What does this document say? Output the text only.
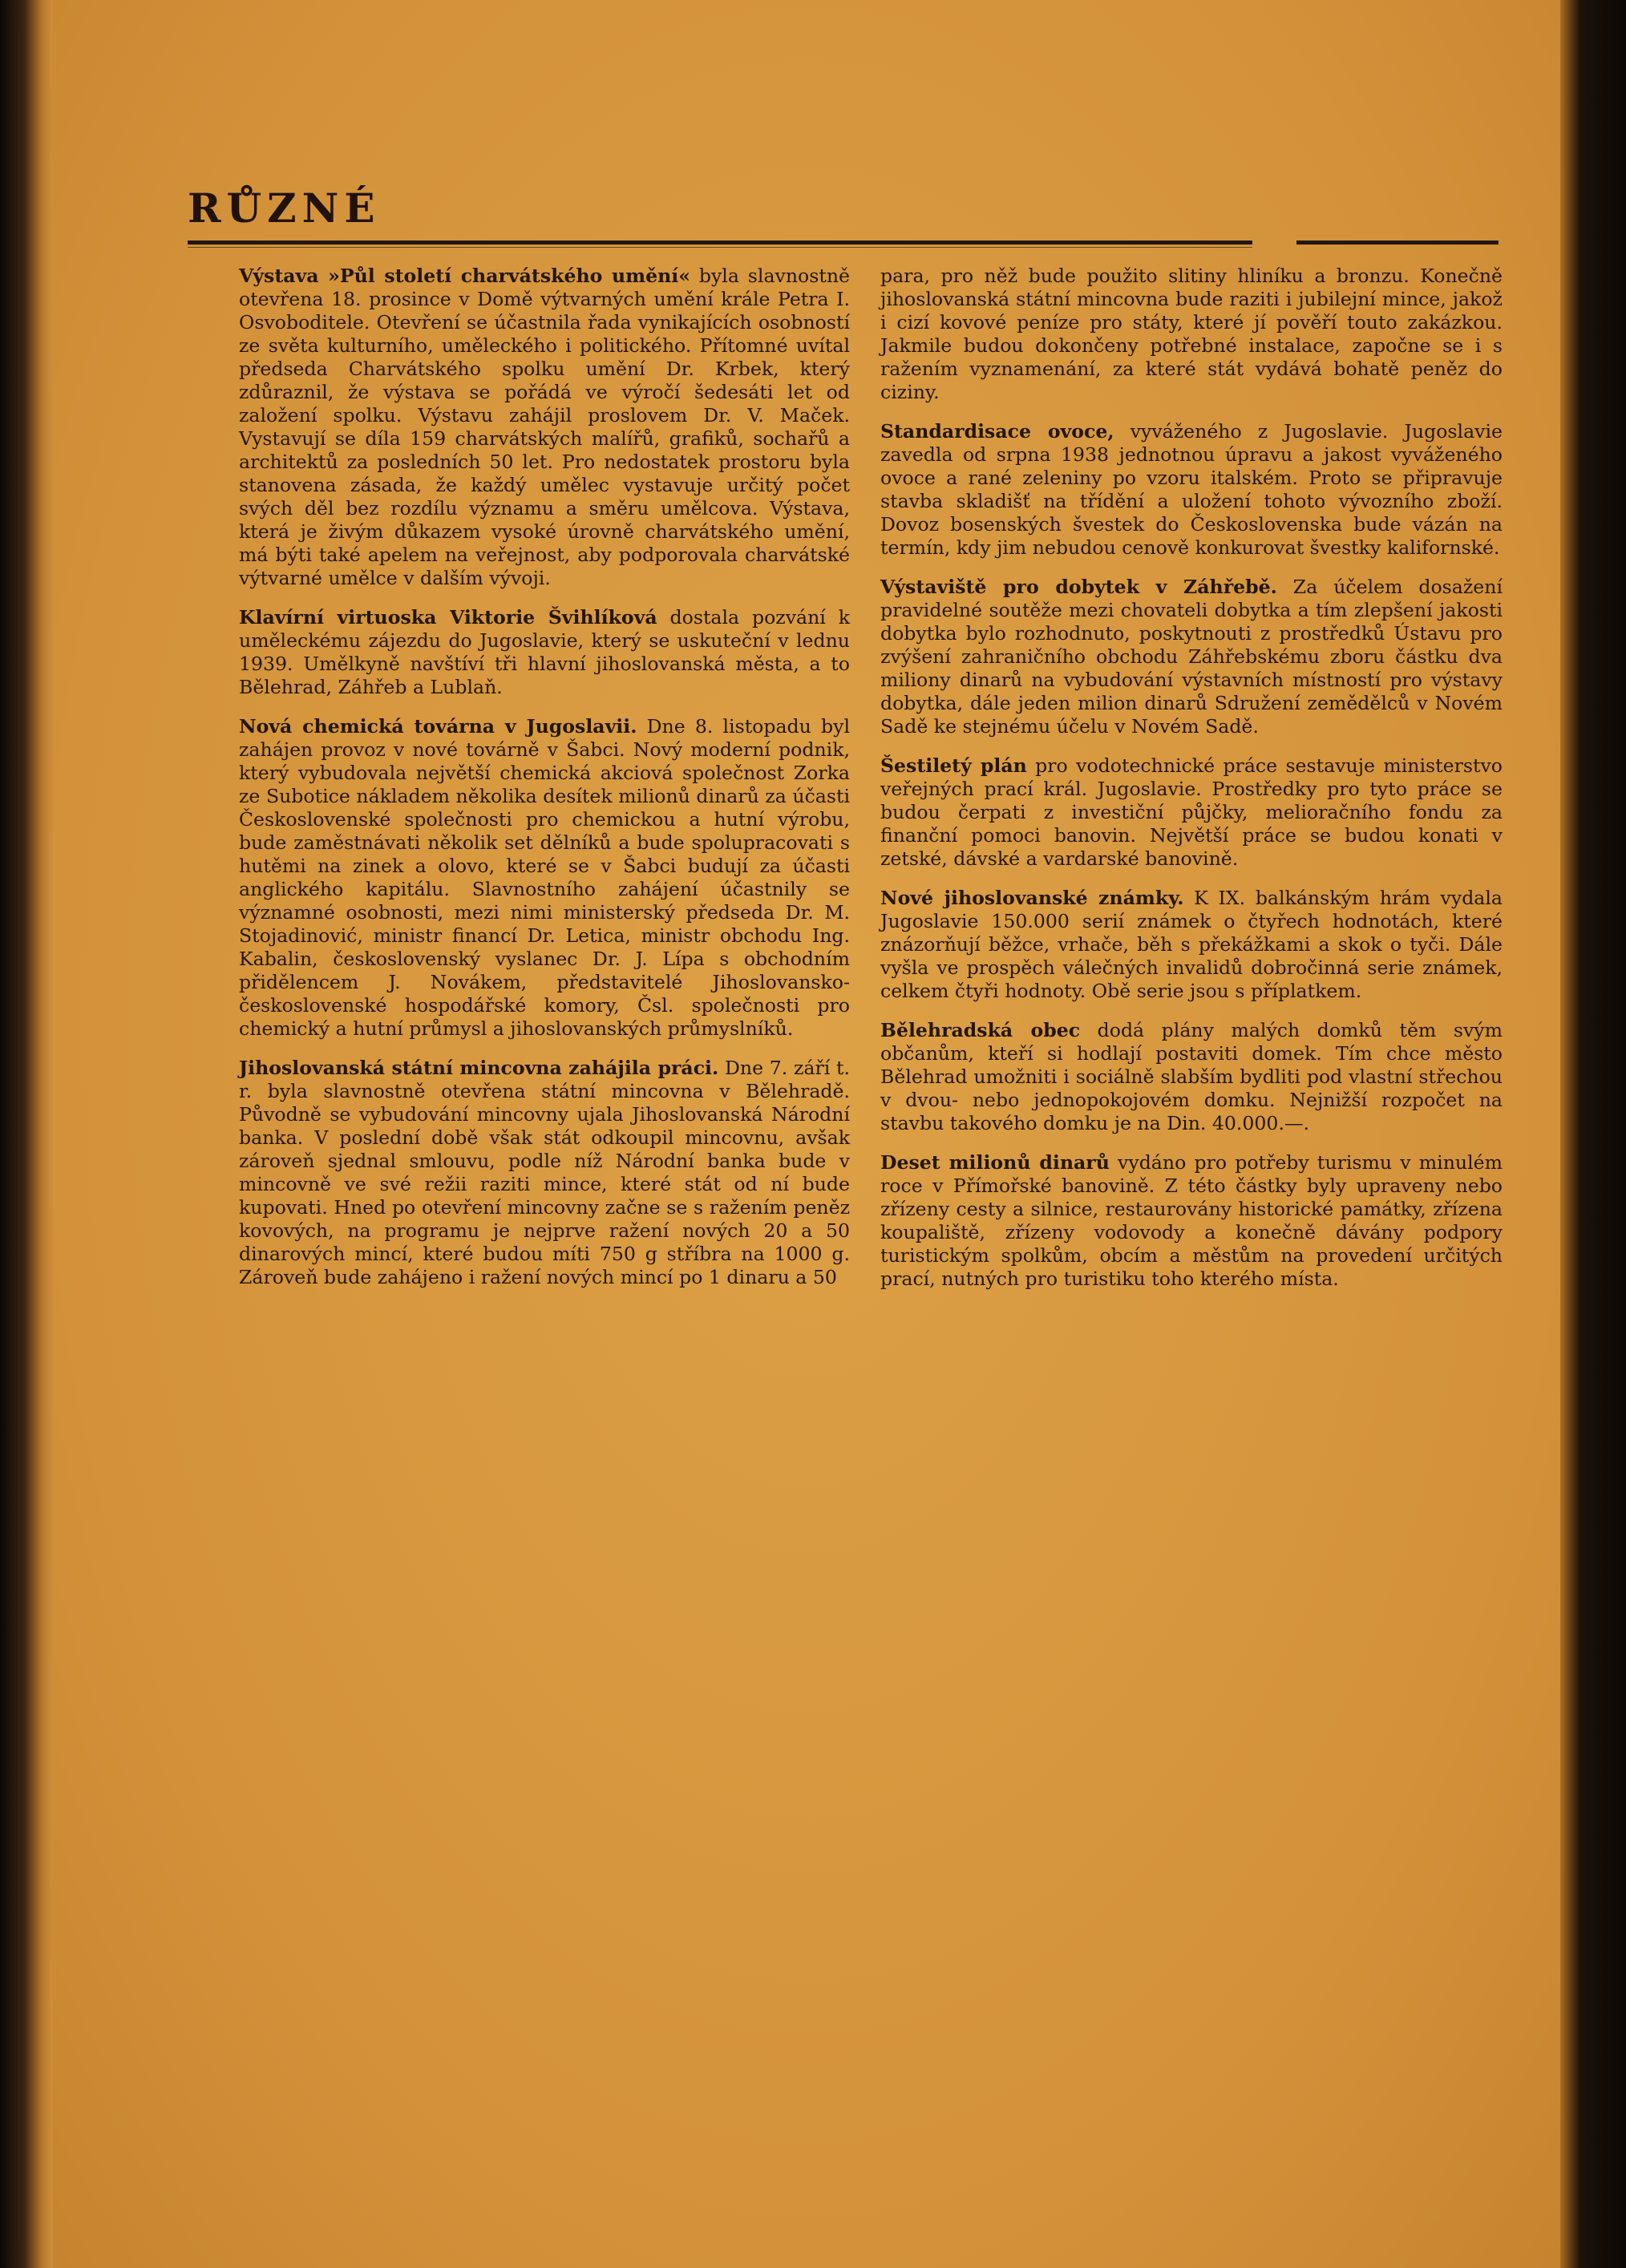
RŮZNÉ

Výstava »Půl století charvátského umění« byla slavnostně otevřena 18. prosince v Domě výtvarných umění krále Petra I. Osvoboditele. Otevření se účastnila řada vynikajících osobností ze světa kulturního, uměleckého i politického. Přítomné uvítal předseda Charvátského spolku umění Dr. Krbek, který zdůraznil, že výstava se pořádá ve výročí šedesáti let od založení spolku. Výstavu zahájil proslovem Dr. V. Maček. Vystavují se díla 159 charvátských malířů, grafiků, sochařů a architektů za posledních 50 let. Pro nedostatek prostoru byla stanovena zásada, že každý umělec vystavuje určitý počet svých děl bez rozdílu významu a směru umělcova. Výstava, která je živým důkazem vysoké úrovně charvátského umění, má býti také apelem na veřejnost, aby podporovala charvátské výtvarné umělce v dalším vývoji.

Klavírní virtuoska Viktorie Švihlíková dostala pozvání k uměleckému zájezdu do Jugoslavie, který se uskuteční v lednu 1939. Umělkyně navštíví tři hlavní jihoslovanská města, a to Bělehrad, Záhřeb a Lublaň.

Nová chemická továrna v Jugoslavii. Dne 8. listopadu byl zahájen provoz v nové továrně v Šabci. Nový moderní podnik, který vybudovala největší chemická akciová společnost Zorka ze Subotice nákladem několika desítek milionů dinarů za účasti Československé společnosti pro chemickou a hutní výrobu, bude zaměstnávati několik set dělníků a bude spolupracovati s hutěmi na zinek a olovo, které se v Šabci budují za účasti anglického kapitálu. Slavnostního zahájení účastnily se významné osobnosti, mezi nimi ministerský předseda Dr. M. Stojadinović, ministr financí Dr. Letica, ministr obchodu Ing. Kabalin, československý vyslanec Dr. J. Lípa s obchodním přidělencem J. Novákem, představitelé Jihoslovansko-československé hospodářské komory, Čsl. společnosti pro chemický a hutní průmysl a jihoslovanských průmyslníků.

Jihoslovanská státní mincovna zahájila práci. Dne 7. září t. r. byla slavnostně otevřena státní mincovna v Bělehradě. Původně se vybudování mincovny ujala Jihoslovanská Národní banka. V poslední době však stát odkoupil mincovnu, avšak zároveň sjednal smlouvu, podle níž Národní banka bude v mincovně ve své režii raziti mince, které stát od ní bude kupovati. Hned po otevření mincovny začne se s ražením peněz kovových, na programu je nejprve ražení nových 20 a 50 dinarových mincí, které budou míti 750 g stříbra na 1000 g. Zároveň bude zahájeno i ražení nových mincí po 1 dinaru a 50

para, pro něž bude použito slitiny hliníku a bronzu. Konečně jihoslovanská státní mincovna bude raziti i jubilejní mince, jakož i cizí kovové peníze pro státy, které jí pověří touto zakázkou. Jakmile budou dokončeny potřebné instalace, započne se i s ražením vyznamenání, za které stát vydává bohatě peněz do ciziny.

Standardisace ovoce, vyváženého z Jugoslavie. Jugoslavie zavedla od srpna 1938 jednotnou úpravu a jakost vyváženého ovoce a rané zeleniny po vzoru italském. Proto se připravuje stavba skladišť na třídění a uložení tohoto vývozního zboží. Dovoz bosenských švestek do Československa bude vázán na termín, kdy jim nebudou cenově konkurovat švestky kalifornské.

Výstaviště pro dobytek v Záhřebě. Za účelem dosažení pravidelné soutěže mezi chovateli dobytka a tím zlepšení jakosti dobytka bylo rozhodnuto, poskytnouti z prostředků Ústavu pro zvýšení zahraničního obchodu Záhřebskému zboru částku dva miliony dinarů na vybudování výstavních místností pro výstavy dobytka, dále jeden milion dinarů Sdružení zemědělců v Novém Sadě ke stejnému účelu v Novém Sadě.

Šestiletý plán pro vodotechnické práce sestavuje ministerstvo veřejných prací král. Jugoslavie. Prostředky pro tyto práce se budou čerpati z investiční půjčky, melioračního fondu za finanční pomoci banovin. Největší práce se budou konati v zetské, dávské a vardarské banovině.

Nové jihoslovanské známky. K IX. balkánským hrám vydala Jugoslavie 150.000 serií známek o čtyřech hodnotách, které znázorňují běžce, vrhače, běh s překážkami a skok o tyči. Dále vyšla ve prospěch válečných invalidů dobročinná serie známek, celkem čtyři hodnoty. Obě serie jsou s příplatkem.

Bělehradská obec dodá plány malých domků těm svým občanům, kteří si hodlají postaviti domek. Tím chce město Bělehrad umožniti i sociálně slabším bydliti pod vlastní střechou v dvou- nebo jednopokojovém domku. Nejnižší rozpočet na stavbu takového domku je na Din. 40.000.—.

Deset milionů dinarů vydáno pro potřeby turismu v minulém roce v Přímořské banovině. Z této částky byly upraveny nebo zřízeny cesty a silnice, restaurovány historické památky, zřízena koupaliště, zřízeny vodovody a konečně dávány podpory turistickým spolkům, obcím a městům na provedení určitých prací, nutných pro turistiku toho kterého místa.
